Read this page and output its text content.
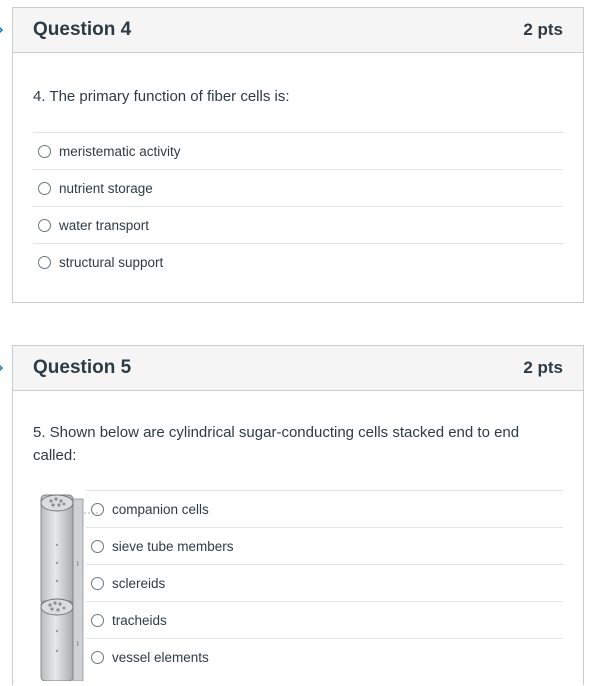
Question 4	2 pts
4. The primary function of fiber cells is:
meristematic activity
nutrient storage
water transport
structural support
Question 5	2 pts
5. Shown below are cylindrical sugar-conducting cells stacked end to end called:
companion cells
sieve tube members
sclereids
tracheids
vessel elements
